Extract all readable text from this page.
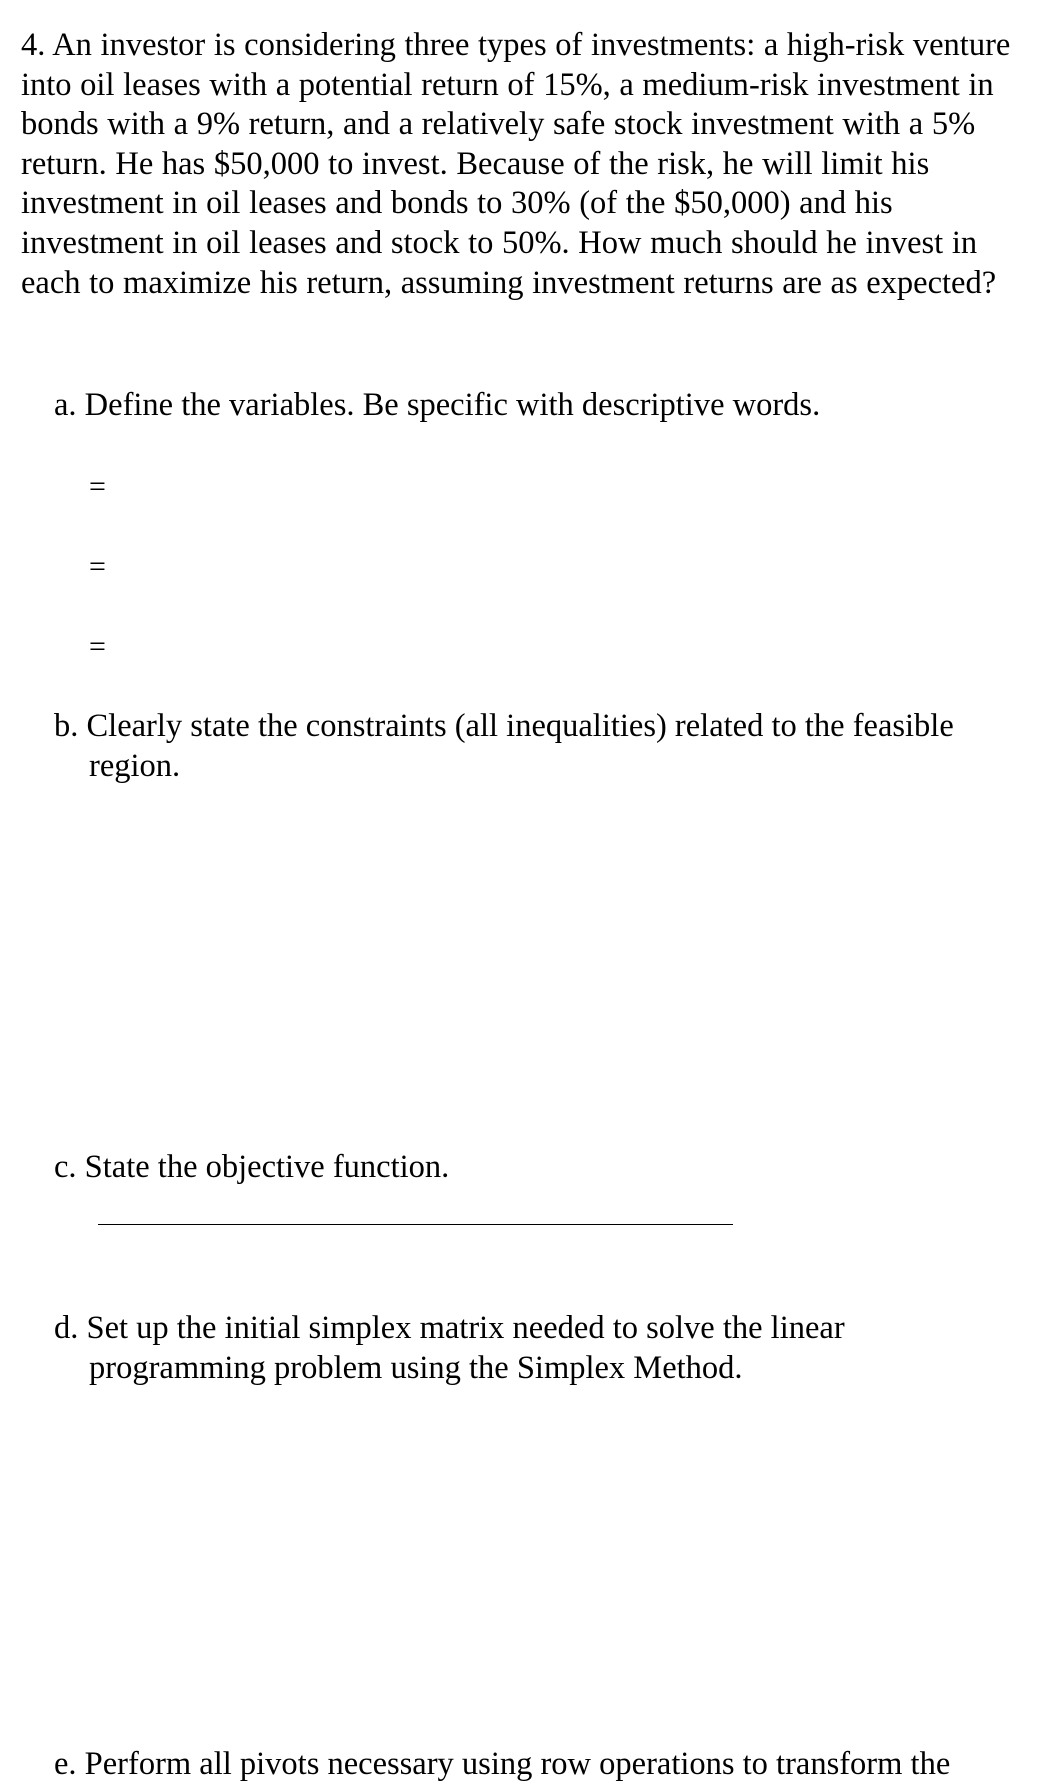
4. An investor is considering three types of investments: a high-risk venture into oil leases with a potential return of 15%, a medium-risk investment in bonds with a 9% return, and a relatively safe stock investment with a 5% return. He has $50,000 to invest. Because of the risk, he will limit his investment in oil leases and bonds to 30% (of the $50,000) and his investment in oil leases and stock to 50%. How much should he invest in each to maximize his return, assuming investment returns are as expected?
a. Define the variables. Be specific with descriptive words.
=
=
=
b. Clearly state the constraints (all inequalities) related to the feasible

region.
c. State the objective function.
d. Set up the initial simplex matrix needed to solve the linear

programming problem using the Simplex Method.
e. Perform all pivots necessary using row operations to transform the
